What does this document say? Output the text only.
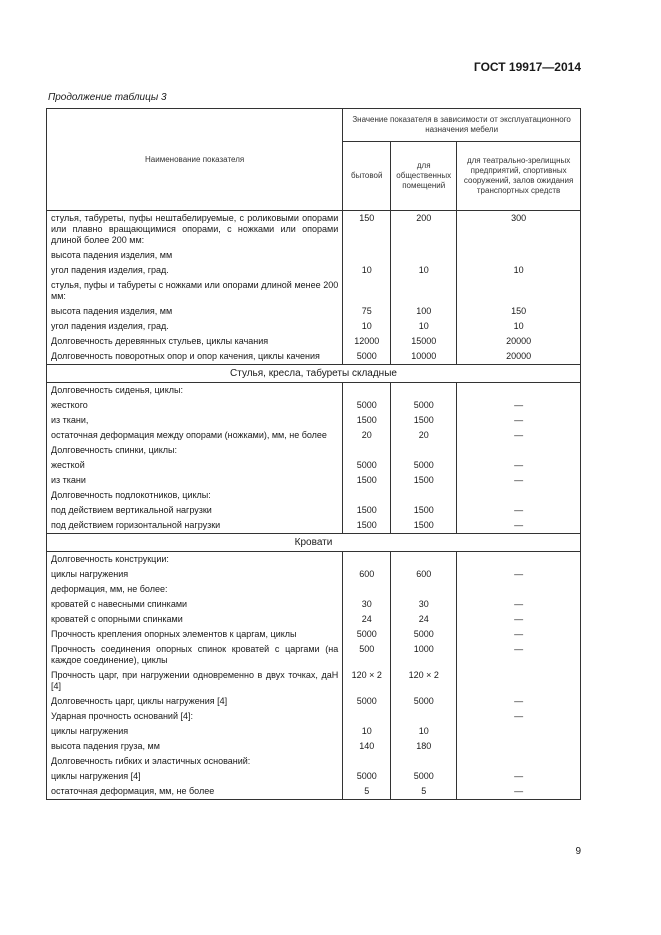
ГОСТ 19917—2014
Продолжение таблицы 3
Наименование показателя	Значение показателя в зависимости от эксплуатационного назначения мебели		
	бытовой	для общественных помещений	для театрально-зрелищных предприятий, спортивных сооружений, залов ожидания транспортных средств
стулья, табуреты, пуфы нештабелируемые, с роликовыми опорами или плавно вращающимися опорами, с ножками или опорами длиной более 200 мм:	150	200	300
высота падения изделия, мм			
угол падения изделия, град.	10	10	10
стулья, пуфы и табуреты с ножками или опорами длиной менее 200 мм:			
высота падения изделия, мм	75	100	150
угол падения изделия, град.	10	10	10
Долговечность деревянных стульев, циклы качания	12000	15000	20000
Долговечность поворотных опор и опор качения, циклы качения	5000	10000	20000
Стулья, кресла, табуреты складные			
Долговечность сиденья, циклы:			
жесткого	5000	5000	—
из ткани,	1500	1500	—
остаточная деформация между опорами (ножками), мм, не более	20	20	—
Долговечность спинки, циклы:			
жесткой	5000	5000	—
из ткани	1500	1500	—
Долговечность подлокотников, циклы:			
под действием вертикальной нагрузки	1500	1500	—
под действием горизонтальной нагрузки	1500	1500	—
Кровати			
Долговечность конструкции:			
циклы нагружения	600	600	—
деформация, мм, не более:			
кроватей с навесными спинками	30	30	—
кроватей с опорными спинками	24	24	—
Прочность крепления опорных элементов к царгам, циклы	5000	5000	—
Прочность соединения опорных спинок кроватей с царгами (на каждое соединение), циклы	500	1000	—
Прочность царг, при нагружении одновременно в двух точках, даН [4]	120 × 2	120 × 2	
Долговечность царг, циклы нагружения [4]	5000	5000	—
Ударная прочность оснований [4]:			—
циклы нагружения	10	10	
высота падения груза, мм	140	180	
Долговечность гибких и эластичных оснований:			
циклы нагружения [4]	5000	5000	—
остаточная деформация, мм, не более	5	5	—
9
